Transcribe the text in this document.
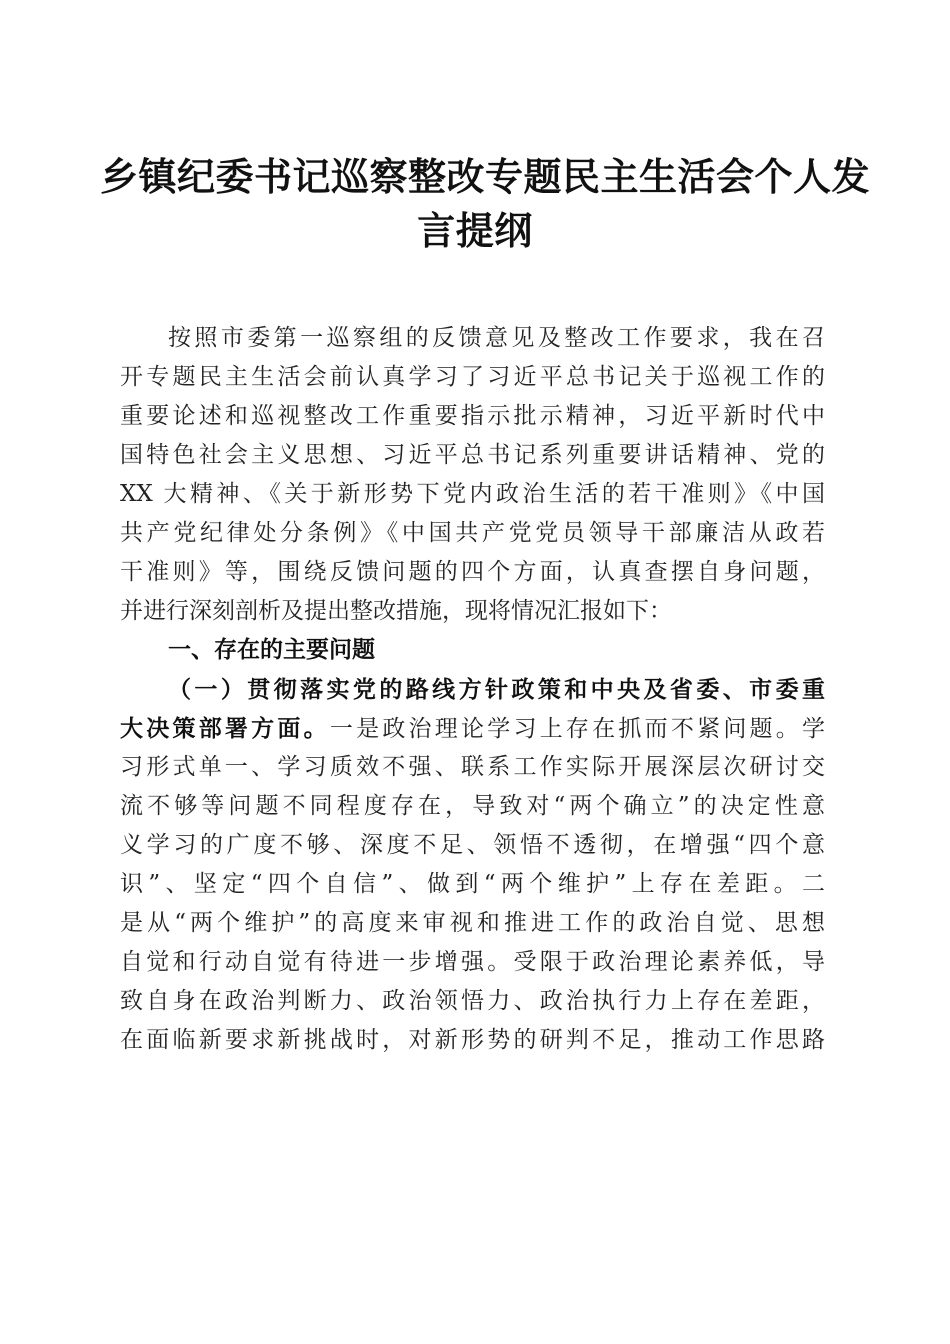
乡镇纪委书记巡察整改专题民主生活会个人发
言提纲
按照市委第一巡察组的反馈意见及整改工作要求，我在召
开专题民主生活会前认真学习了习近平总书记关于巡视工作的
重要论述和巡视整改工作重要指示批示精神，习近平新时代中
国特色社会主义思想、习近平总书记系列重要讲话精神、党的
XX 大精神、《关于新形势下党内政治生活的若干准则》《中国
共产党纪律处分条例》《中国共产党党员领导干部廉洁从政若
干准则》等，围绕反馈问题的四个方面，认真查摆自身问题，
并进行深刻剖析及提出整改措施，现将情况汇报如下：
一、存在的主要问题
（一）贯彻落实党的路线方针政策和中央及省委、市委重
大决策部署方面。一是政治理论学习上存在抓而不紧问题。学
习形式单一、学习质效不强、联系工作实际开展深层次研讨交
流不够等问题不同程度存在，导致对“两个确立”的决定性意
义学习的广度不够、深度不足、领悟不透彻，在增强“四个意
识”、坚定“四个自信”、做到“两个维护”上存在差距。二
是从“两个维护”的高度来审视和推进工作的政治自觉、思想
自觉和行动自觉有待进一步增强。受限于政治理论素养低，导
致自身在政治判断力、政治领悟力、政治执行力上存在差距，
在面临新要求新挑战时，对新形势的研判不足，推动工作思路
